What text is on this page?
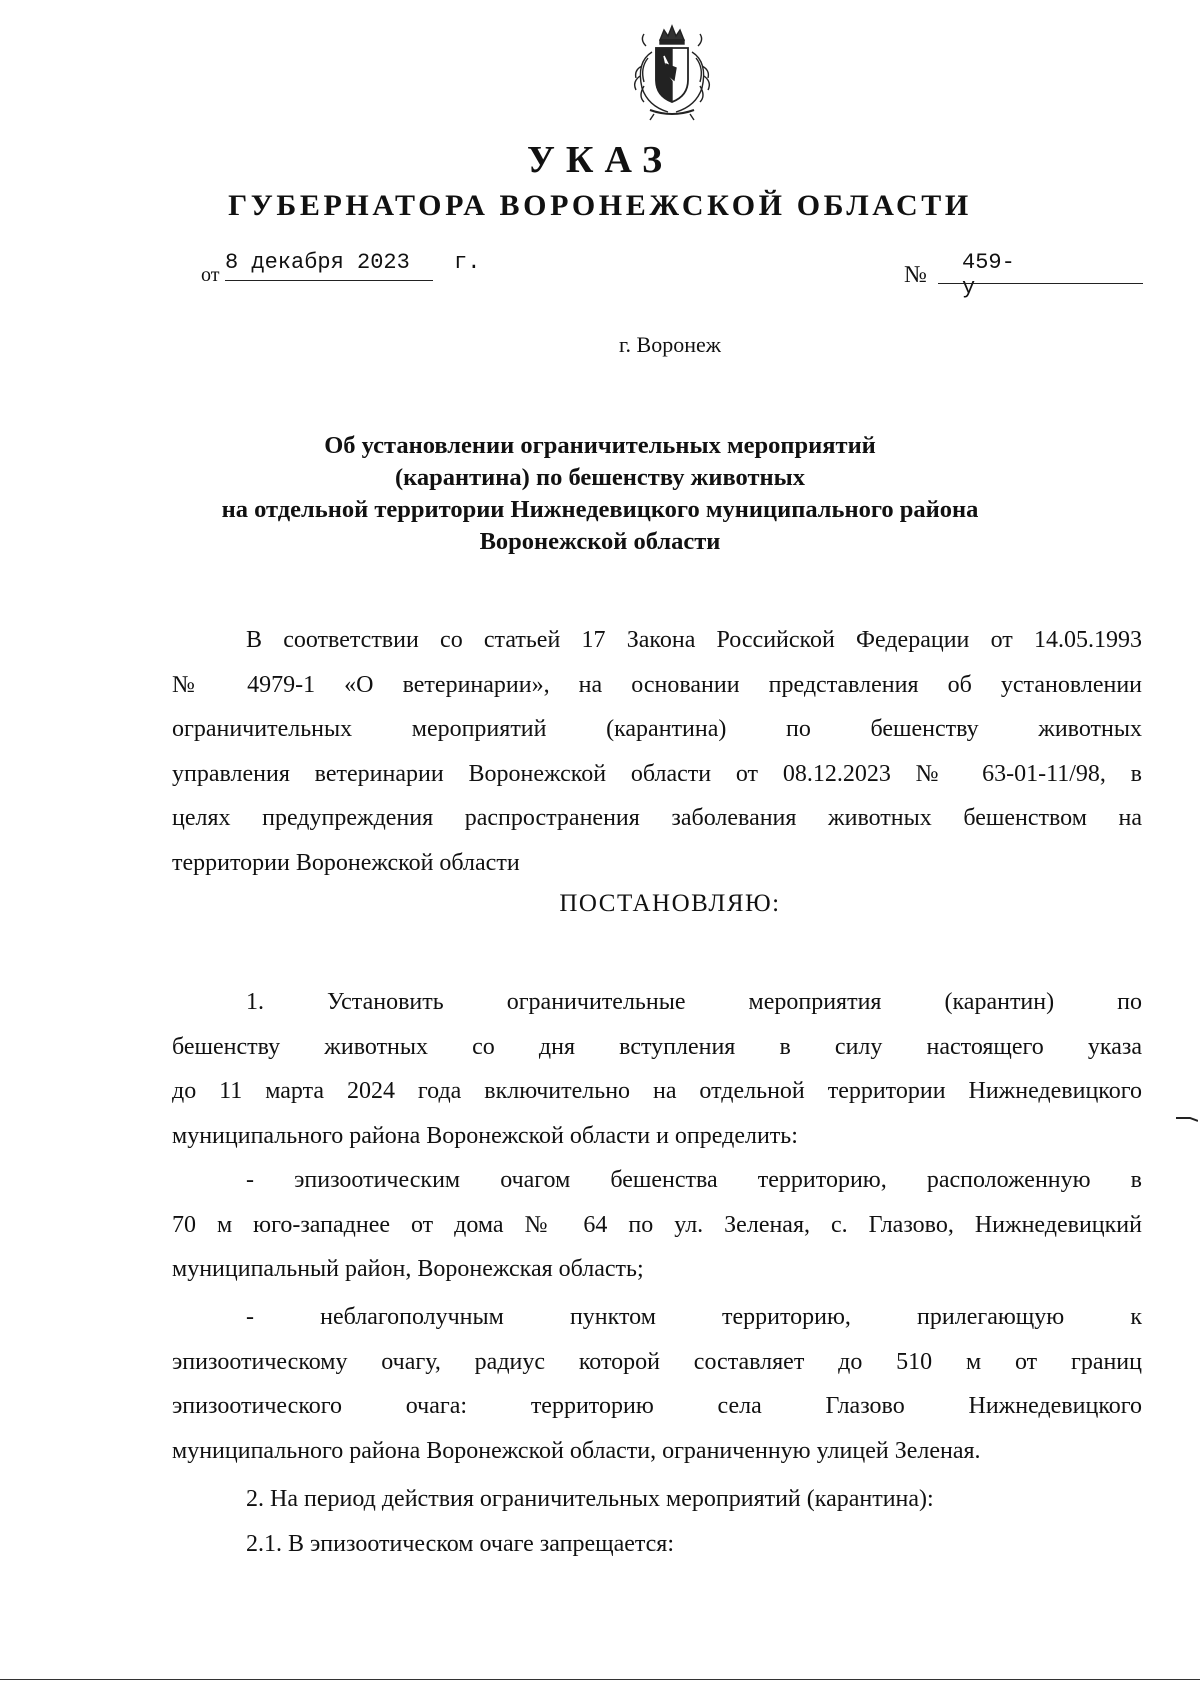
УКАЗ
ГУБЕРНАТОРА ВОРОНЕЖСКОЙ ОБЛАСТИ
от 8 декабря 2023	г.	№ 459-у
г. Воронеж
Об установлении ограничительных мероприятий
(карантина) по бешенству животных
на отдельной территории Нижнедевицкого муниципального района
Воронежской области
В соответствии со статьей 17 Закона Российской Федерации от 14.05.1993
№ 4979-1 «О ветеринарии», на основании представления об установлении
ограничительных мероприятий (карантина) по бешенству животных
управления ветеринарии Воронежской области от 08.12.2023 № 63-01-11/98, в
целях предупреждения распространения заболевания животных бешенством на
территории Воронежской области
ПОСТАНОВЛЯЮ:
1. Установить ограничительные мероприятия (карантин) по
бешенству животных со дня вступления в силу настоящего указа
до 11 марта 2024 года включительно на отдельной территории Нижнедевицкого
муниципального района Воронежской области и определить:
- эпизоотическим очагом бешенства территорию, расположенную в
70 м юго-западнее от дома № 64 по ул. Зеленая, с. Глазово, Нижнедевицкий
муниципальный район, Воронежская область;
- неблагополучным пунктом территорию, прилегающую к
эпизоотическому очагу, радиус которой составляет до 510 м от границ
эпизоотического очага: территорию села Глазово Нижнедевицкого
муниципального района Воронежской области, ограниченную улицей Зеленая.
2. На период действия ограничительных мероприятий (карантина):
2.1. В эпизоотическом очаге запрещается:
